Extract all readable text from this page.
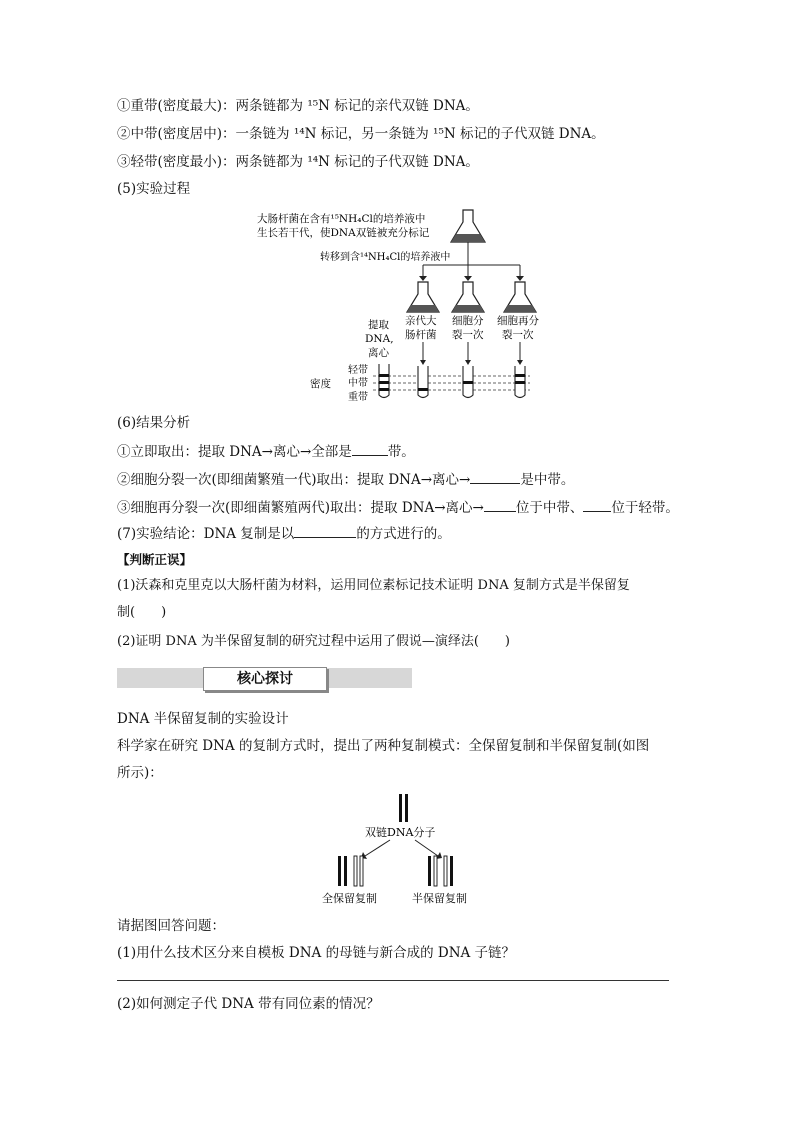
①重带(密度最大)：两条链都为 ¹⁵N 标记的亲代双链 DNA。
②中带(密度居中)：一条链为 ¹⁴N 标记，另一条链为 ¹⁵N 标记的子代双链 DNA。
③轻带(密度最小)：两条链都为 ¹⁴N 标记的子代双链 DNA。
(5)实验过程
大肠杆菌在含有¹⁵NH₄Cl的培养液中
生长若干代，使DNA双链被充分标记
转移到含¹⁴NH₄Cl的培养液中
提取
DNA,
离心
亲代大
肠杆菌
细胞分
裂一次
细胞再分
裂一次
轻带
中带
重带
密度
(6)结果分析
①立即取出：提取 DNA→离心→全部是	带。
②细胞分裂一次(即细菌繁殖一代)取出：提取 DNA→离心→	是中带。
③细胞再分裂一次(即细菌繁殖两代)取出：提取 DNA→离心→ 位于中带、 位于轻带。
(7)实验结论：DNA 复制是以	的方式进行的。
【判断正误】
(1)沃森和克里克以大肠杆菌为材料，运用同位素标记技术证明 DNA 复制方式是半保留复
制(　　)
(2)证明 DNA 为半保留复制的研究过程中运用了假说—演绎法(　　)
核心探讨
DNA 半保留复制的实验设计
科学家在研究 DNA 的复制方式时，提出了两种复制模式：全保留复制和半保留复制(如图
所示)：
双链DNA分子
全保留复制	半保留复制
请据图回答问题：
(1)用什么技术区分来自模板 DNA 的母链与新合成的 DNA 子链？
(2)如何测定子代 DNA 带有同位素的情况？
